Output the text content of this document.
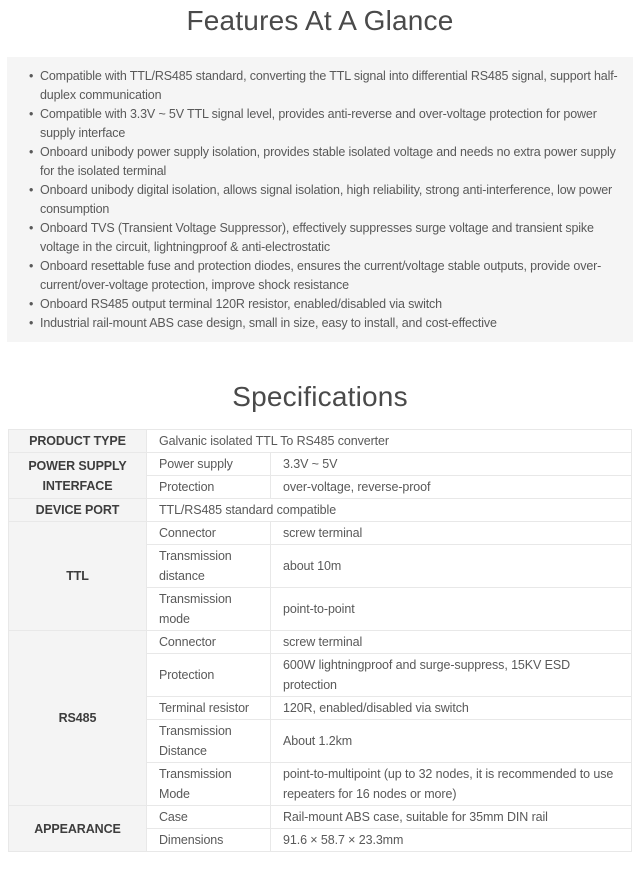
Features At A Glance
• Compatible with TTL/RS485 standard, converting the TTL signal into differential RS485 signal, support half-duplex communication
• Compatible with 3.3V ~ 5V TTL signal level, provides anti-reverse and over-voltage protection for power supply interface
• Onboard unibody power supply isolation, provides stable isolated voltage and needs no extra power supply for the isolated terminal
• Onboard unibody digital isolation, allows signal isolation, high reliability, strong anti-interference, low power consumption
• Onboard TVS (Transient Voltage Suppressor), effectively suppresses surge voltage and transient spike voltage in the circuit, lightningproof & anti-electrostatic
• Onboard resettable fuse and protection diodes, ensures the current/voltage stable outputs, provide over-current/over-voltage protection, improve shock resistance
• Onboard RS485 output terminal 120R resistor, enabled/disabled via switch
• Industrial rail-mount ABS case design, small in size, easy to install, and cost-effective
Specifications
PRODUCT TYPE	Galvanic isolated TTL To RS485 converter	
POWER SUPPLY INTERFACE	Power supply	3.3V ~ 5V
	Protection	over-voltage, reverse-proof
DEVICE PORT	TTL/RS485 standard compatible	
TTL	Connector	screw terminal
	Transmission distance	about 10m
	Transmission mode	point-to-point
RS485	Connector	screw terminal
	Protection	600W lightningproof and surge-suppress, 15KV ESD protection
	Terminal resistor	120R, enabled/disabled via switch
	Transmission Distance	About 1.2km
	Transmission Mode	point-to-multipoint (up to 32 nodes, it is recommended to use repeaters for 16 nodes or more)
APPEARANCE	Case	Rail-mount ABS case, suitable for 35mm DIN rail
	Dimensions	91.6 × 58.7 × 23.3mm
